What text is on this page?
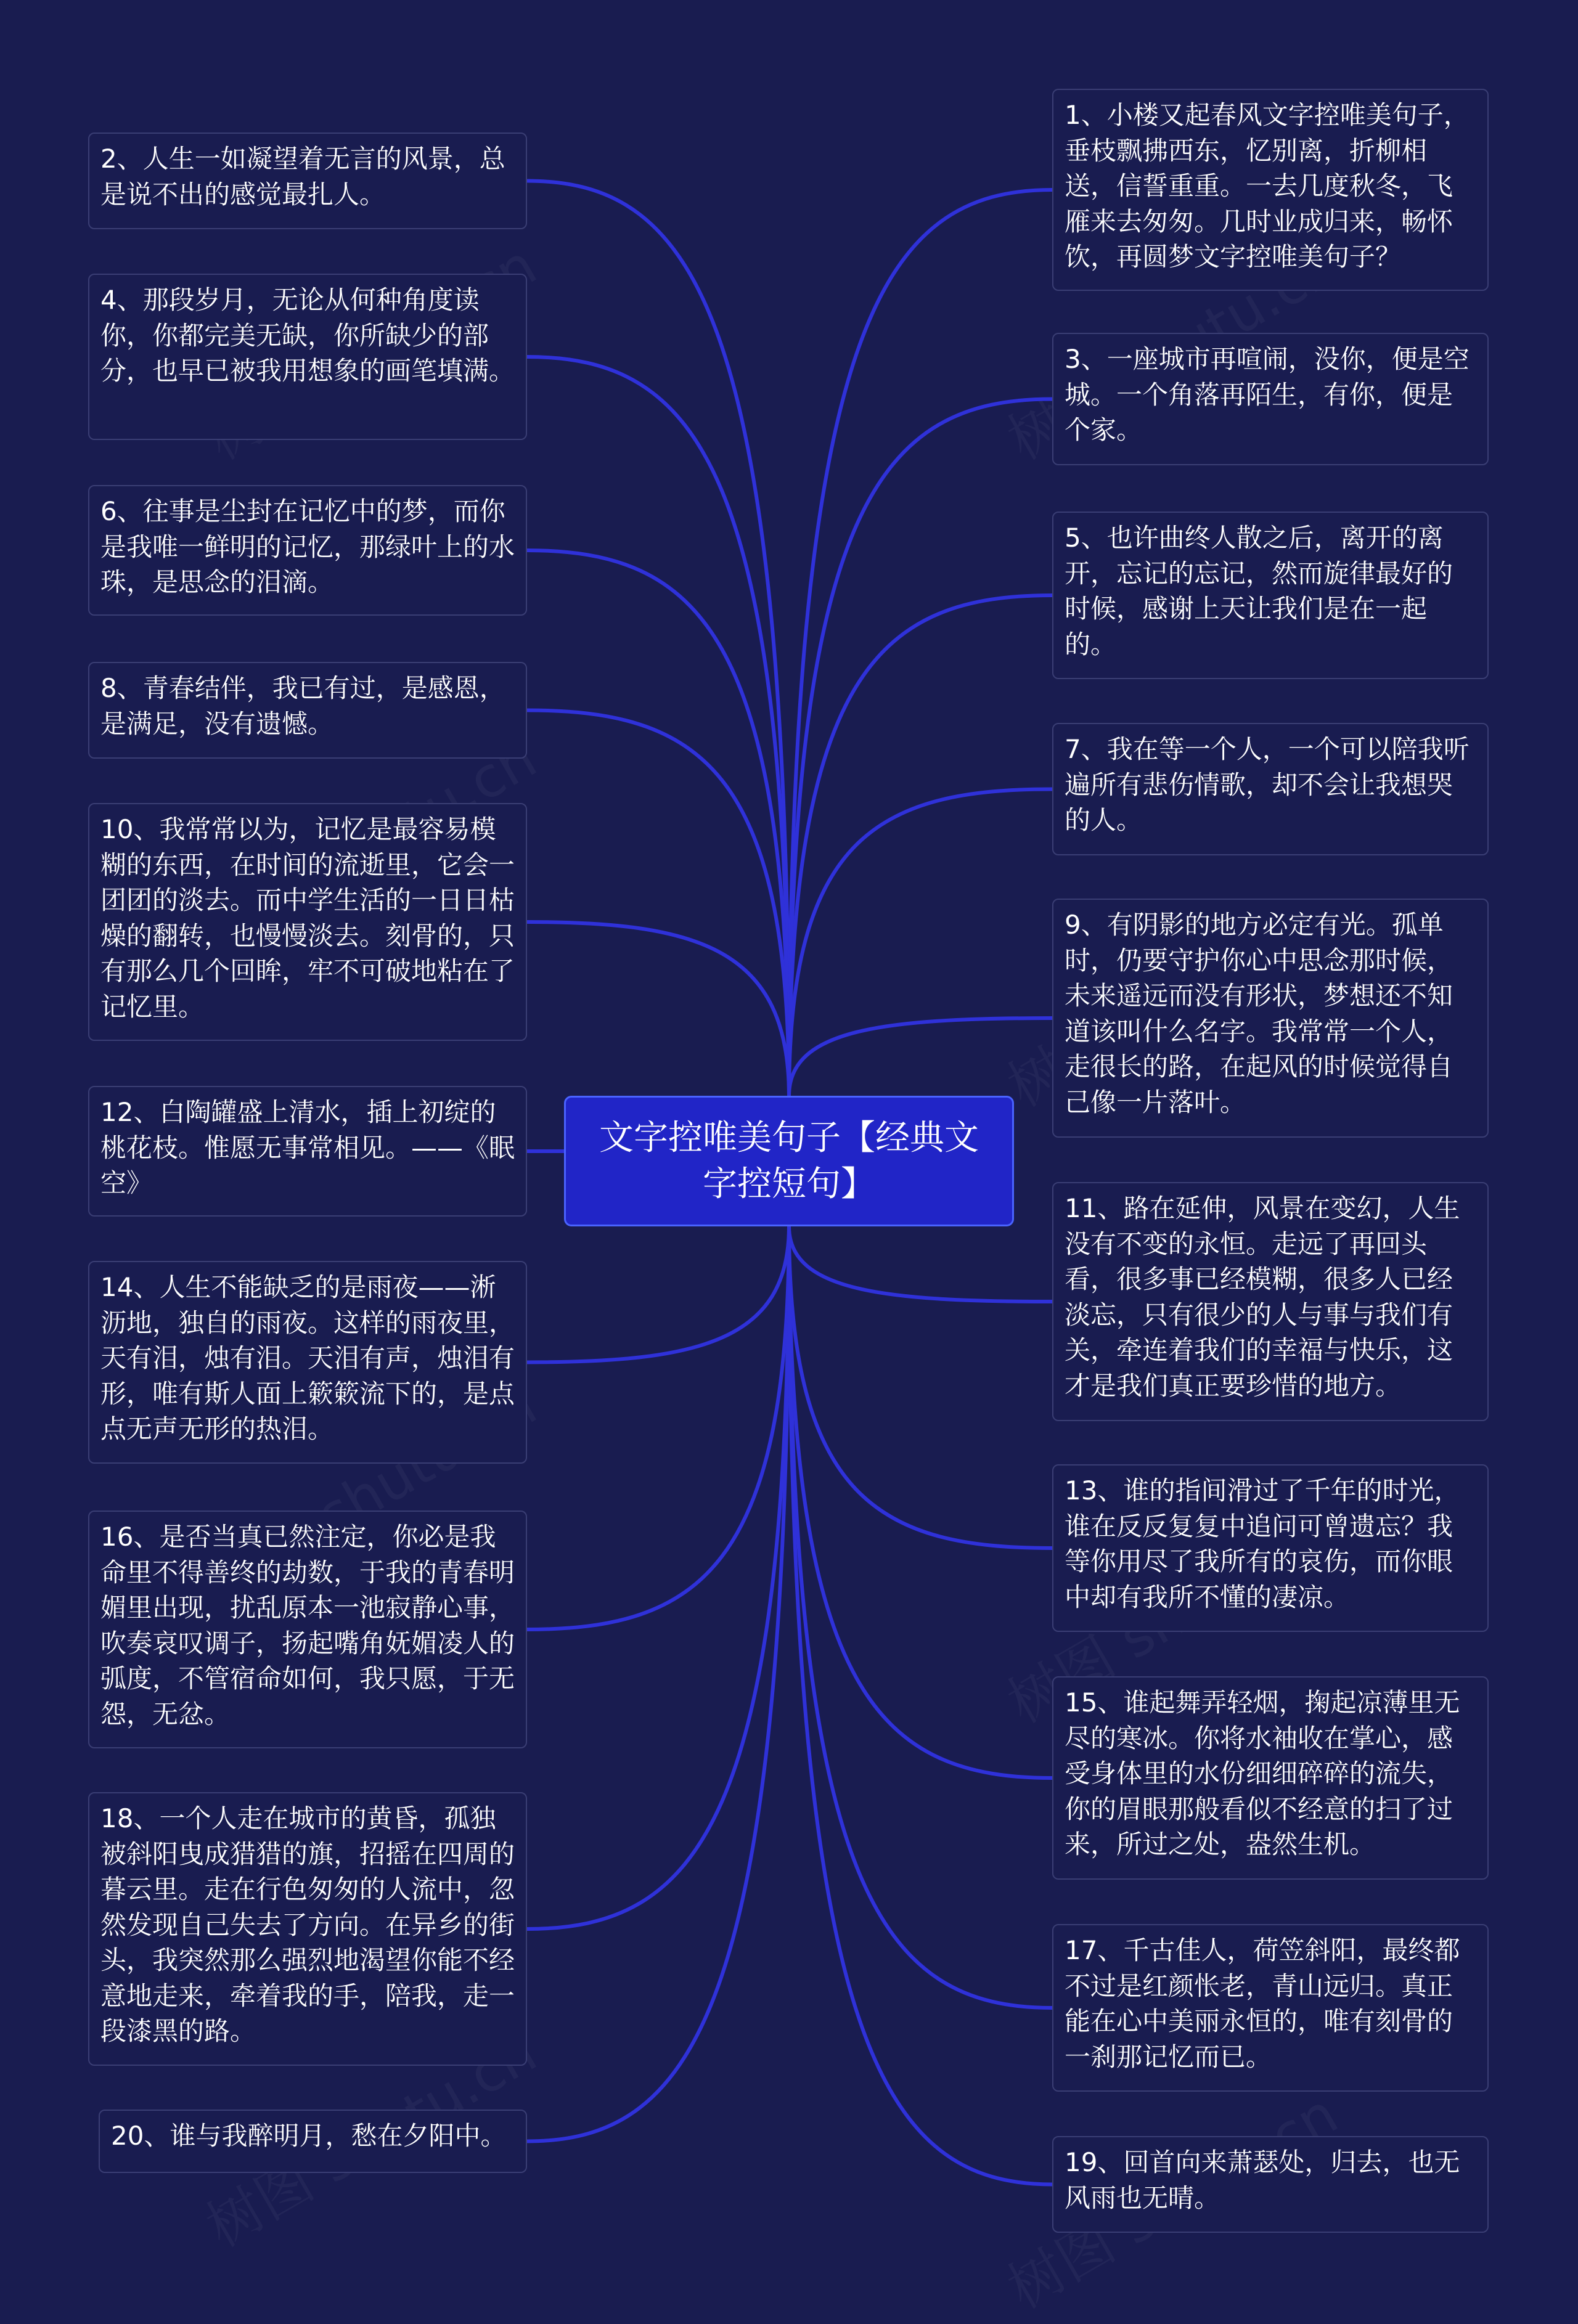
文字控唯美句子【经典文字控短句】
2、人生一如凝望着无言的风景，总是说不出的感觉最扎人。
4、那段岁月，无论从何种角度读你，你都完美无缺，你所缺少的部分，也早已被我用想象的画笔填满。
6、往事是尘封在记忆中的梦，而你是我唯一鲜明的记忆，那绿叶上的水珠，是思念的泪滴。
8、青春结伴，我已有过，是感恩，是满足，没有遗憾。
10、我常常以为，记忆是最容易模糊的东西，在时间的流逝里，它会一团团的淡去。而中学生活的一日日枯燥的翻转，也慢慢淡去。刻骨的，只有那么几个回眸，牢不可破地粘在了记忆里。
12、白陶罐盛上清水，插上初绽的桃花枝。惟愿无事常相见。——《眠空》
14、人生不能缺乏的是雨夜——淅沥地，独自的雨夜。这样的雨夜里，天有泪，烛有泪。天泪有声，烛泪有形，唯有斯人面上簌簌流下的，是点点无声无形的热泪。
16、是否当真已然注定，你必是我命里不得善终的劫数，于我的青春明媚里出现，扰乱原本一池寂静心事，吹奏哀叹调子，扬起嘴角妩媚凌人的弧度，不管宿命如何，我只愿，于无怨，无忿。
18、一个人走在城市的黄昏，孤独被斜阳曳成猎猎的旗，招摇在四周的暮云里。走在行色匆匆的人流中，忽然发现自己失去了方向。在异乡的街头，我突然那么强烈地渴望你能不经意地走来，牵着我的手，陪我，走一段漆黑的路。
20、谁与我醉明月，愁在夕阳中。
1、小楼又起春风文字控唯美句子，垂枝飘拂西东，忆别离，折柳相送，信誓重重。一去几度秋冬，飞雁来去匆匆。几时业成归来，畅怀饮，再圆梦文字控唯美句子？
3、一座城市再喧闹，没你，便是空城。一个角落再陌生，有你，便是个家。
5、也许曲终人散之后，离开的离开，忘记的忘记，然而旋律最好的时候，感谢上天让我们是在一起的。
7、我在等一个人，一个可以陪我听遍所有悲伤情歌，却不会让我想哭的人。
9、有阴影的地方必定有光。孤单时，仍要守护你心中思念那时候，未来遥远而没有形状，梦想还不知道该叫什么名字。我常常一个人，走很长的路，在起风的时候觉得自己像一片落叶。
11、路在延伸，风景在变幻，人生没有不变的永恒。走远了再回头看，很多事已经模糊，很多人已经淡忘，只有很少的人与事与我们有关，牵连着我们的幸福与快乐，这才是我们真正要珍惜的地方。
13、谁的指间滑过了千年的时光，谁在反反复复中追问可曾遗忘？我等你用尽了我所有的哀伤，而你眼中却有我所不懂的凄凉。
15、谁起舞弄轻烟，掬起凉薄里无尽的寒冰。你将水袖收在掌心，感受身体里的水份细细碎碎的流失，你的眉眼那般看似不经意的扫了过来，所过之处，盎然生机。
17、千古佳人，荷笠斜阳，最终都不过是红颜怅老，青山远归。真正能在心中美丽永恒的，唯有刻骨的一刹那记忆而已。
19、回首向来萧瑟处，归去，也无风雨也无晴。
